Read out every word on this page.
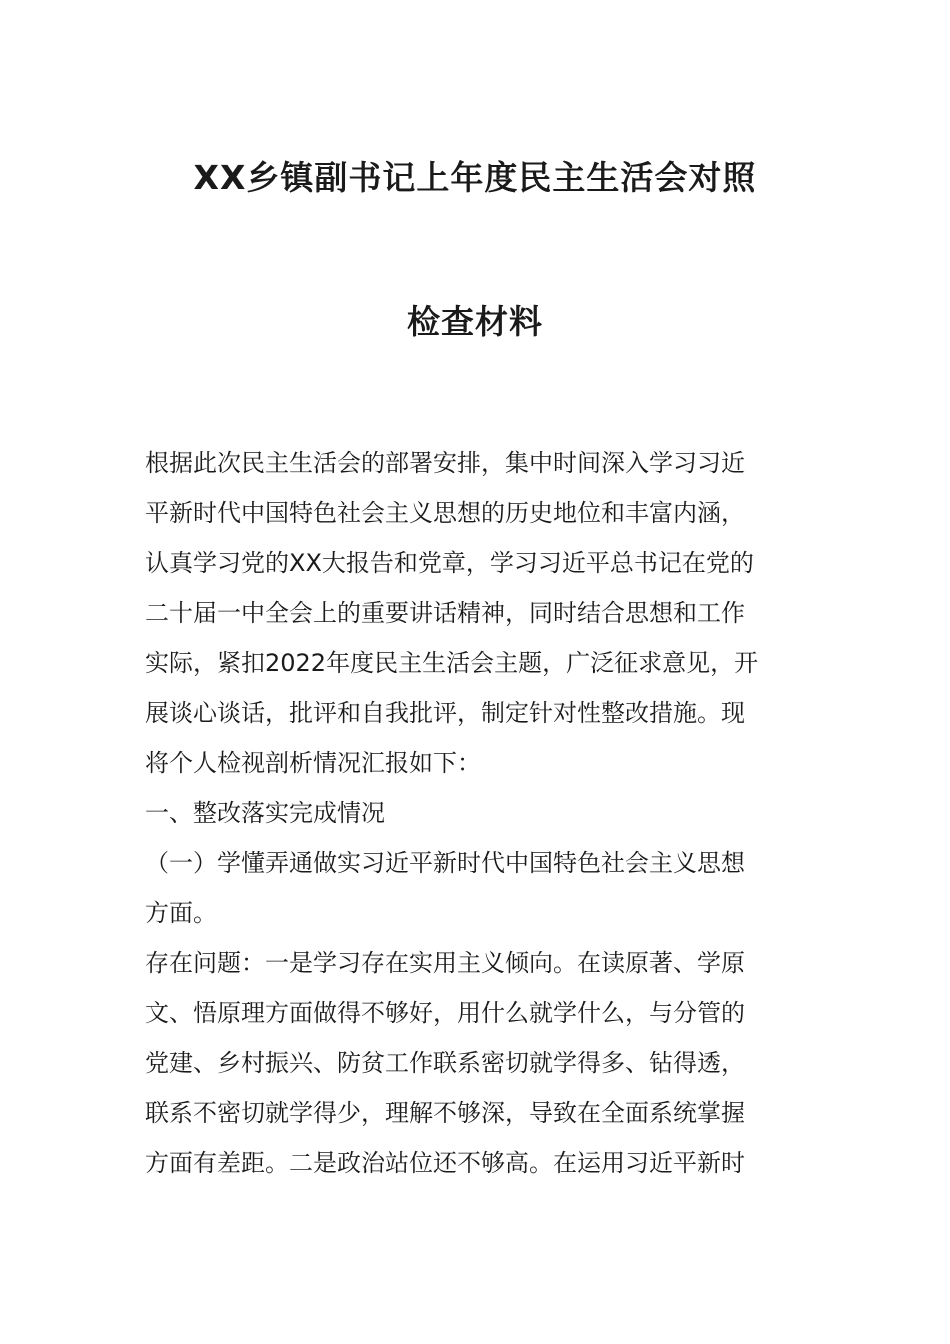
XX乡镇副书记上年度民主生活会对照
检查材料
根据此次民主生活会的部署安排，集中时间深入学习习近
平新时代中国特色社会主义思想的历史地位和丰富内涵，
认真学习党的XX大报告和党章，学习习近平总书记在党的
二十届一中全会上的重要讲话精神，同时结合思想和工作
实际，紧扣2022年度民主生活会主题，广泛征求意见，开
展谈心谈话，批评和自我批评，制定针对性整改措施。现
将个人检视剖析情况汇报如下：
一、整改落实完成情况
（一）学懂弄通做实习近平新时代中国特色社会主义思想
方面。
存在问题：一是学习存在实用主义倾向。在读原著、学原
文、悟原理方面做得不够好，用什么就学什么，与分管的
党建、乡村振兴、防贫工作联系密切就学得多、钻得透，
联系不密切就学得少，理解不够深，导致在全面系统掌握
方面有差距。二是政治站位还不够高。在运用习近平新时
